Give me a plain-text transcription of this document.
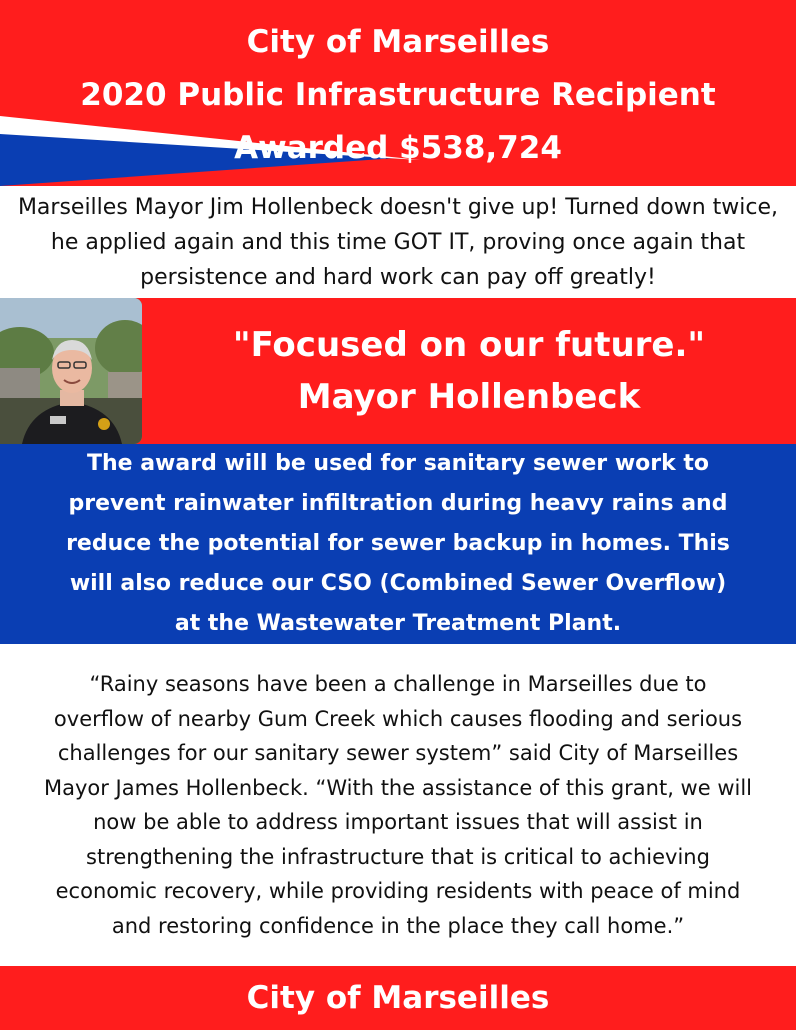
City of Marseilles
2020 Public Infrastructure Recipient
Awarded $538,724

Marseilles Mayor Jim Hollenbeck doesn't give up! Turned down twice, he applied again and this time GOT IT, proving once again that persistence and hard work can pay off greatly!

"Focused on our future."
Mayor Hollenbeck
The award will be used for sanitary sewer work to
prevent rainwater infiltration during heavy rains and
reduce the potential for sewer backup in homes. This
will also reduce our CSO (Combined Sewer Overflow)
at the Wastewater Treatment Plant.
“Rainy seasons have been a challenge in Marseilles due to
overflow of nearby Gum Creek which causes flooding and serious
challenges for our sanitary sewer system” said City of Marseilles
Mayor James Hollenbeck. “With the assistance of this grant, we will
now be able to address important issues that will assist in
strengthening the infrastructure that is critical to achieving
economic recovery, while providing residents with peace of mind
and restoring confidence in the place they call home.”
City of Marseilles
